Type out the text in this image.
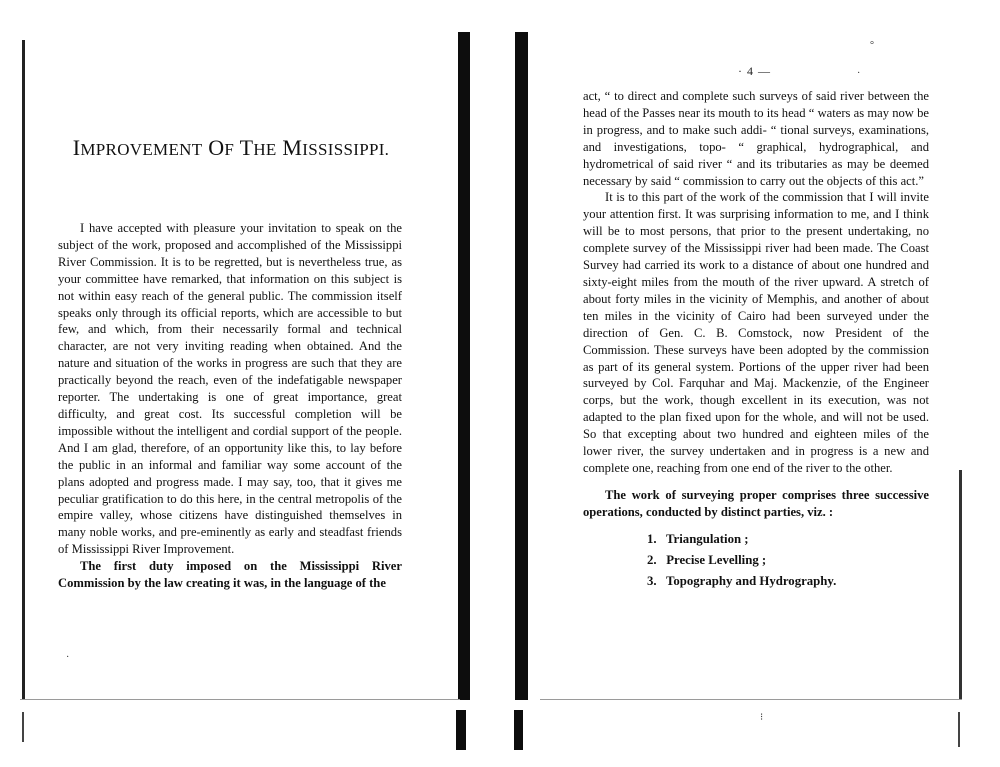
°
·
⁝
·
IMPROVEMENT OF THE MISSISSIPPI.

I have accepted with pleasure your invitation to speak on the subject of the work, proposed and accomplished of the Mississippi River Commission. It is to be regretted, but is nevertheless true, as your committee have remarked, that information on this subject is not within easy reach of the general public. The commission itself speaks only through its official reports, which are accessible to but few, and which, from their necessarily formal and technical character, are not very inviting reading when obtained. And the nature and situation of the works in progress are such that they are practically beyond the reach, even of the indefatigable newspaper reporter. The undertaking is one of great importance, great difficulty, and great cost. Its successful completion will be impossible without the intelligent and cordial support of the people. And I am glad, therefore, of an opportunity like this, to lay before the public in an informal and familiar way some account of the plans adopted and progress made. I may say, too, that it gives me peculiar gratification to do this here, in the central metropolis of the empire valley, whose citizens have distinguished themselves in many noble works, and pre-eminently as early and steadfast friends of Mississippi River Improvement.

The first duty imposed on the Mississippi River Commission by the law creating it was, in the language of the

· 4 —

act, “ to direct and complete such surveys of said river between the head of the Passes near its mouth to its head “ waters as may now be in progress, and to make such addi- “ tional surveys, examinations, and investigations, topo- “ graphical, hydrographical, and hydrometrical of said river “ and its tributaries as may be deemed necessary by said “ commission to carry out the objects of this act.”

It is to this part of the work of the commission that I will invite your attention first. It was surprising information to me, and I think will be to most persons, that prior to the present undertaking, no complete survey of the Mississippi river had been made. The Coast Survey had carried its work to a distance of about one hundred and sixty-eight miles from the mouth of the river upward. A stretch of about forty miles in the vicinity of Memphis, and another of about ten miles in the vicinity of Cairo had been surveyed under the direction of Gen. C. B. Comstock, now President of the Commission. These surveys have been adopted by the commission as part of its general system. Portions of the upper river had been surveyed by Col. Farquhar and Maj. Mackenzie, of the Engineer corps, but the work, though excellent in its execution, was not adapted to the plan fixed upon for the whole, and will not be used. So that excepting about two hundred and eighteen miles of the lower river, the survey undertaken and in progress is a new and complete one, reaching from one end of the river to the other.

The work of surveying proper comprises three successive operations, conducted by distinct parties, viz. :

1. Triangulation ;
2. Precise Levelling ;
3. Topography and Hydrography.
